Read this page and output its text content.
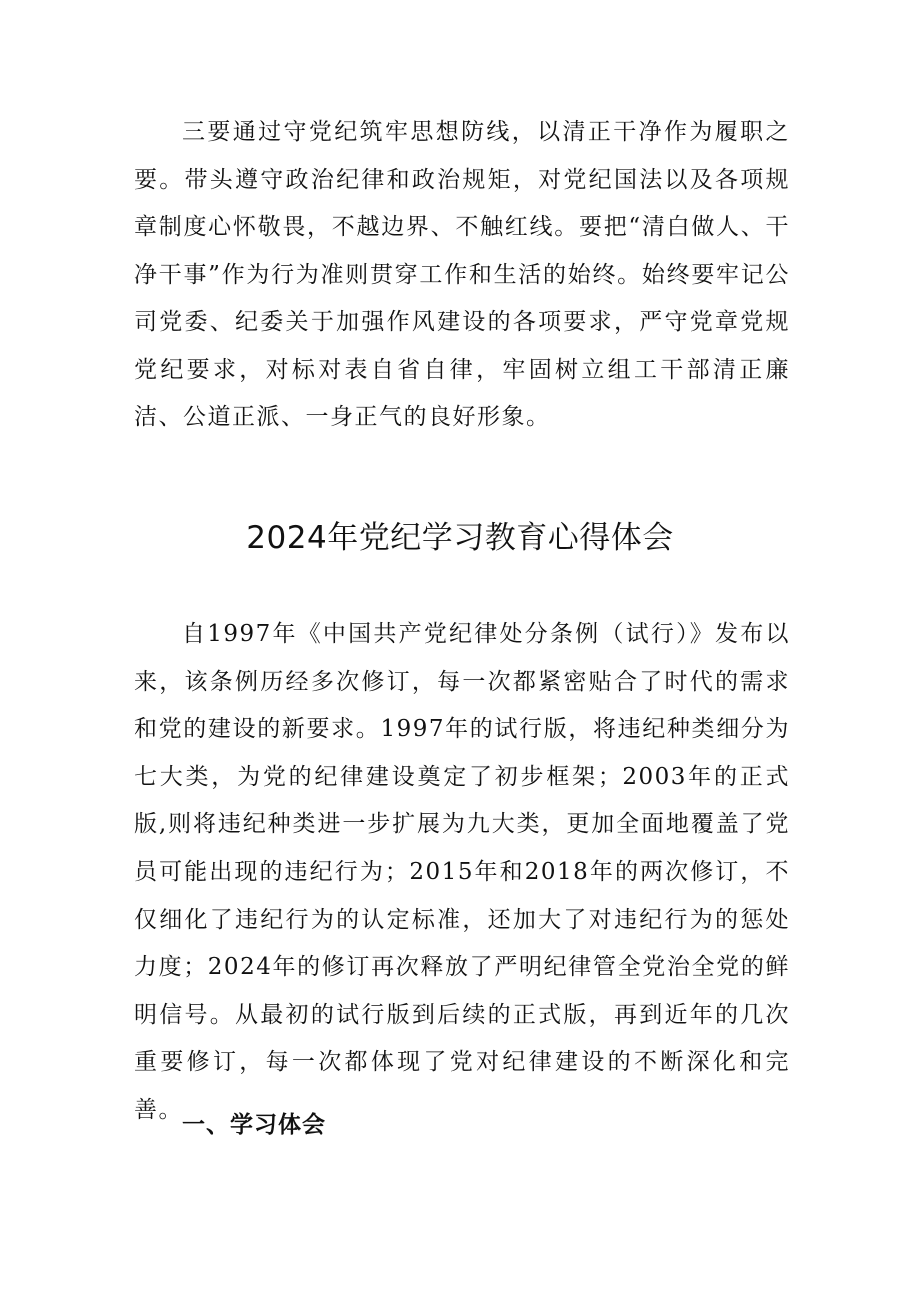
三要通过守党纪筑牢思想防线，以清正干净作为履职之要。带头遵守政治纪律和政治规矩，对党纪国法以及各项规章制度心怀敬畏，不越边界、不触红线。要把“清白做人、干净干事”作为行为准则贯穿工作和生活的始终。始终要牢记公司党委、纪委关于加强作风建设的各项要求，严守党章党规党纪要求，对标对表自省自律，牢固树立组工干部清正廉洁、公道正派、一身正气的良好形象。

2024年党纪学习教育心得体会

自1997年《中国共产党纪律处分条例（试行）》发布以来，该条例历经多次修订，每一次都紧密贴合了时代的需求和党的建设的新要求。1997年的试行版，将违纪种类细分为七大类，为党的纪律建设奠定了初步框架；2003年的正式版,则将违纪种类进一步扩展为九大类，更加全面地覆盖了党员可能出现的违纪行为；2015年和2018年的两次修订，不仅细化了违纪行为的认定标准，还加大了对违纪行为的惩处力度；2024年的修订再次释放了严明纪律管全党治全党的鲜明信号。从最初的试行版到后续的正式版，再到近年的几次重要修订，每一次都体现了党对纪律建设的不断深化和完善。

一、学习体会
